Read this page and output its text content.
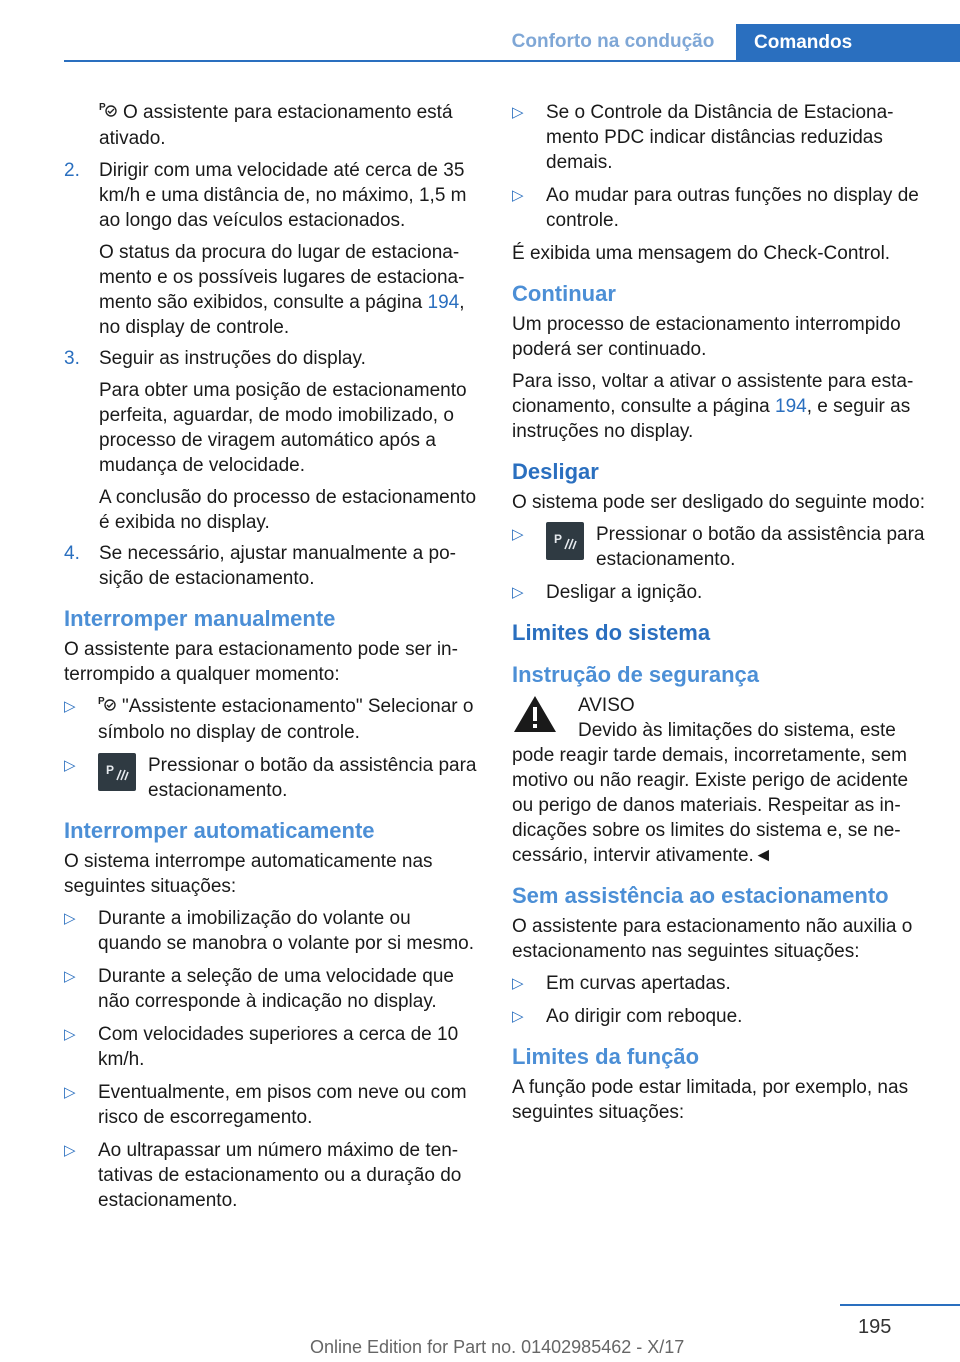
Conforto na condução	Comandos

P O assistente para estacionamento está ativado.

2.	Dirigir com uma velocidade até cerca de 35 km/h e uma distância de, no máximo, 1,5 m ao longo das veículos estacionados.

O status da procura do lugar de estacionamento e os possíveis lugares de estacionamento são exibidos, consulte a página 194, no display de controle.

3.	Seguir as instruções do display.

Para obter uma posição de estacionamento perfeita, aguardar, de modo imobilizado, o processo de viragem automático após a mudança de velocidade.

A conclusão do processo de estacionamento é exibida no display.

4.	Se necessário, ajustar manualmente a posição de estacionamento.

Interromper manualmente

O assistente para estacionamento pode ser interrompido a qualquer momento:

▷	P "Assistente estacionamento" Selecionar o símbolo no display de controle.
▷	P Pressionar o botão da assistência para estacionamento.
Interromper automaticamente

O sistema interrompe automaticamente nas seguintes situações:

▷	Durante a imobilização do volante ou quando se manobra o volante por si mesmo.
▷	Durante a seleção de uma velocidade que não corresponde à indicação no display.
▷	Com velocidades superiores a cerca de 10 km/h.
▷	Eventualmente, em pisos com neve ou com risco de escorregamento.
▷	Ao ultrapassar um número máximo de tentativas de estacionamento ou a duração do estacionamento.
▷	Se o Controle da Distância de Estacionamento PDC indicar distâncias reduzidas demais.
▷	Ao mudar para outras funções no display de controle.

É exibida uma mensagem do Check-Control.

Continuar

Um processo de estacionamento interrompido poderá ser continuado.

Para isso, voltar a ativar o assistente para estacionamento, consulte a página 194, e seguir as instruções no display.

Desligar

O sistema pode ser desligado do seguinte modo:

▷	P Pressionar o botão da assistência para estacionamento.
▷	Desligar a ignição.
Limites do sistema
Instrução de segurança
AVISO
Devido às limitações do sistema, este

pode reagir tarde demais, incorretamente, sem motivo ou não reagir. Existe perigo de acidente ou perigo de danos materiais. Respeitar as indicações sobre os limites do sistema e, se necessário, intervir ativamente.◄

Sem assistência ao estacionamento

O assistente para estacionamento não auxilia o estacionamento nas seguintes situações:

▷	Em curvas apertadas.
▷	Ao dirigir com reboque.
Limites da função

A função pode estar limitada, por exemplo, nas seguintes situações:

195
Online Edition for Part no. 01402985462 - X/17
